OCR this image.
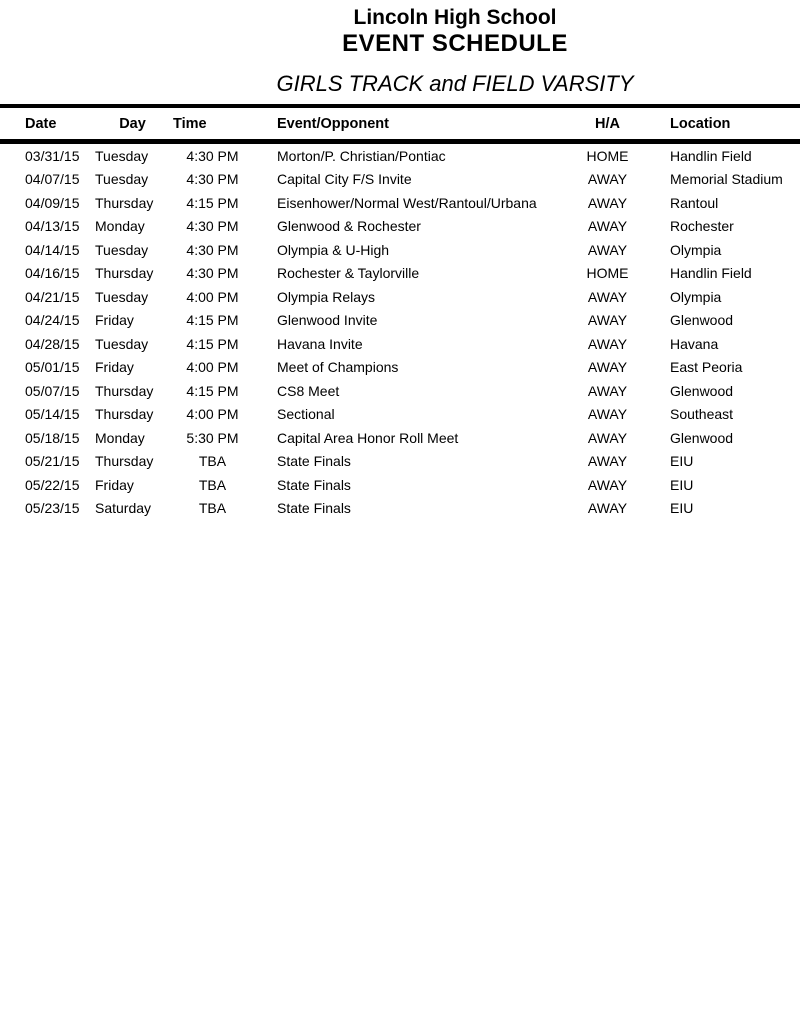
Lincoln High School
EVENT SCHEDULE
GIRLS TRACK and FIELD VARSITY
Date	Day	Time	Event/Opponent	H/A	Location
03/31/15	Tuesday	4:30 PM	Morton/P. Christian/Pontiac	HOME	Handlin Field
04/07/15	Tuesday	4:30 PM	Capital City F/S Invite	AWAY	Memorial Stadium
04/09/15	Thursday	4:15 PM	Eisenhower/Normal West/Rantoul/Urbana	AWAY	Rantoul
04/13/15	Monday	4:30 PM	Glenwood & Rochester	AWAY	Rochester
04/14/15	Tuesday	4:30 PM	Olympia & U-High	AWAY	Olympia
04/16/15	Thursday	4:30 PM	Rochester & Taylorville	HOME	Handlin Field
04/21/15	Tuesday	4:00 PM	Olympia Relays	AWAY	Olympia
04/24/15	Friday	4:15 PM	Glenwood Invite	AWAY	Glenwood
04/28/15	Tuesday	4:15 PM	Havana Invite	AWAY	Havana
05/01/15	Friday	4:00 PM	Meet of Champions	AWAY	East Peoria
05/07/15	Thursday	4:15 PM	CS8 Meet	AWAY	Glenwood
05/14/15	Thursday	4:00 PM	Sectional	AWAY	Southeast
05/18/15	Monday	5:30 PM	Capital Area Honor Roll Meet	AWAY	Glenwood
05/21/15	Thursday	TBA	State Finals	AWAY	EIU
05/22/15	Friday	TBA	State Finals	AWAY	EIU
05/23/15	Saturday	TBA	State Finals	AWAY	EIU
